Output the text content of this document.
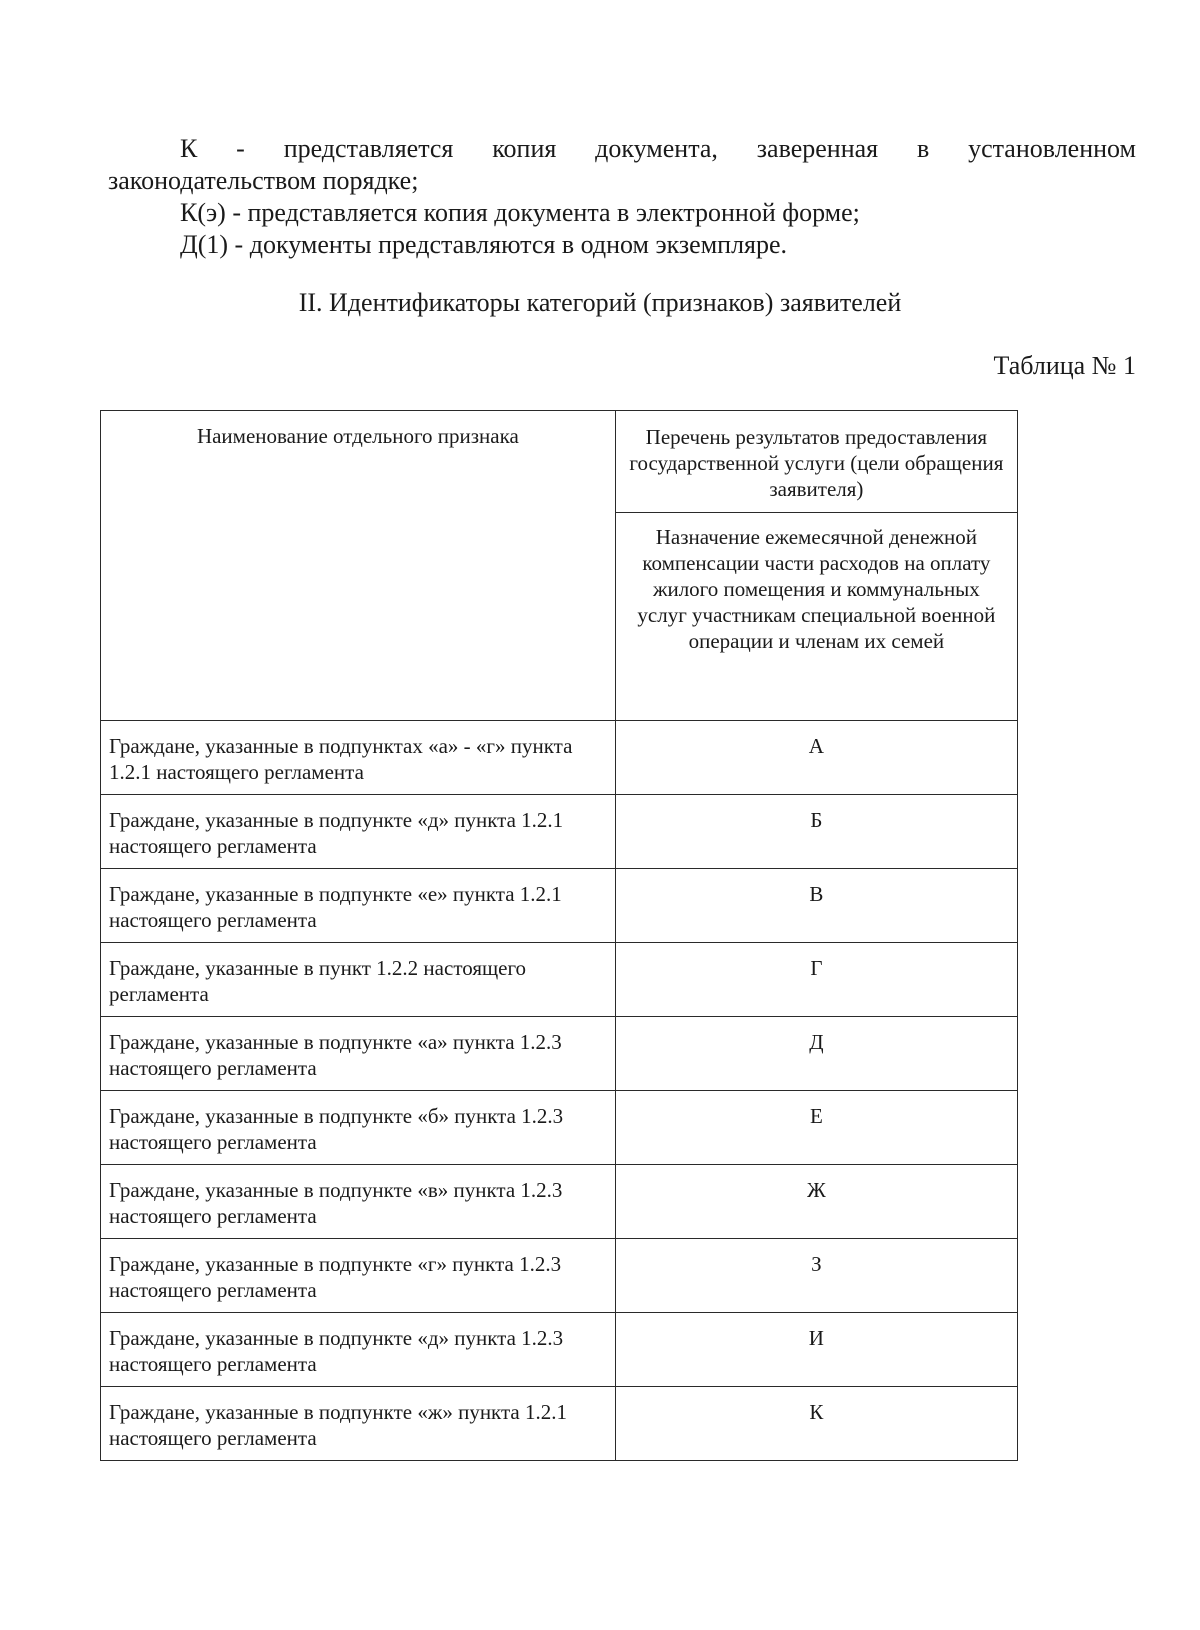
К - представляется копия документа, заверенная в установленном
законодательством порядке;

К(э) - представляется копия документа в электронной форме;

Д(1) - документы представляются в одном экземпляре.

II. Идентификаторы категорий (признаков) заявителей

Таблица № 1

Наименование отдельного признака	Перечень результатов предоставления государственной услуги (цели обращения заявителя)

	Назначение ежемесячной денежной компенсации части расходов на оплату жилого помещения и коммунальных услуг участникам специальной военной операции и членам их семей

Граждане, указанные в подпунктах «а» - «г» пункта 1.2.1 настоящего регламента	А
Граждане, указанные в подпункте «д» пункта 1.2.1 настоящего регламента	Б
Граждане, указанные в подпункте «е» пункта 1.2.1 настоящего регламента	В
Граждане, указанные в пункт 1.2.2 настоящего регламента	Г
Граждане, указанные в подпункте «а» пункта 1.2.3 настоящего регламента	Д
Граждане, указанные в подпункте «б» пункта 1.2.3 настоящего регламента	Е
Граждане, указанные в подпункте «в» пункта 1.2.3 настоящего регламента	Ж
Граждане, указанные в подпункте «г» пункта 1.2.3 настоящего регламента	З
Граждане, указанные в подпункте «д» пункта 1.2.3 настоящего регламента	И
Граждане, указанные в подпункте «ж» пункта 1.2.1 настоящего регламента	К
